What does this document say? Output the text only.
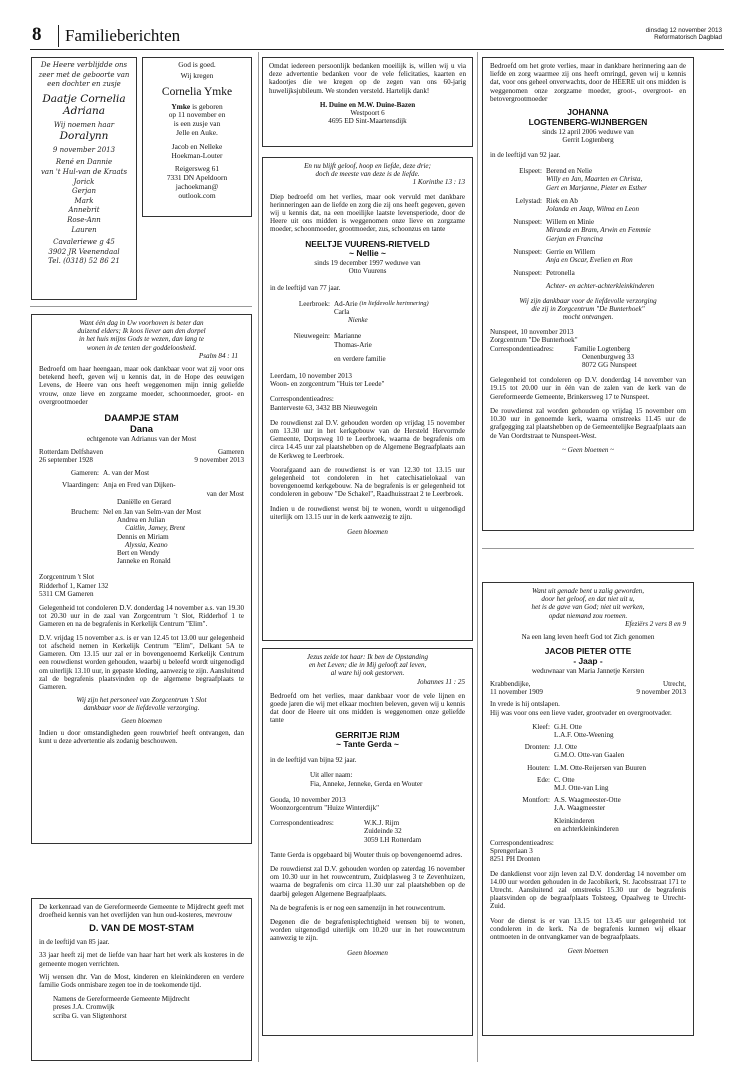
8	Familieberichten	dinsdag 12 november 2013
Reformatorisch Dagblad
De Heere verblijdde ons
zeer met de geboorte van
een dochter en zusje
Daatje Cornelia
Adriana
Wij noemen haar
Doralynn
9 november 2013
René en Dannie
van 't Hul-van de Kraats
Jorick
Gerjan
Mark
Annebrit
Rose-Ann
Lauren
Cavaleriewe g 45
3902 JR Veenendaal
Tel. (0318) 52 86 21
God is goed.
Wij kregen
Cornelia Ymke
Ymke is geboren
op 11 november en
is een zusje van
Jelle en Auke.
Jacob en Nelleke
Hoekman-Louter
Reigersweg 61
7331 DN Apeldoorn
jachoekman@
outlook.com
Omdat iedereen persoonlijk bedanken moeilijk is, willen wij u via deze advertentie bedanken voor de vele felicitaties, kaarten en kadootjes die we kregen op de zegen van ons 60-jarig huwelijksjubileum. We stonden versteld. Hartelijk dank!
H. Duine en M.W. Duine-Bazen
Westpoort 6
4695 ED Sint-Maartensdijk
Want één dag in Uw voorhoven is beter dan
duizend elders; Ik koos liever aan den dorpel
in het huis mijns Gods te wezen, dan lang te
wonen in de tenten der goddeloosheid.
Psalm 84 : 11
Bedroefd om haar heengaan, maar ook dankbaar voor wat zij voor ons betekend heeft, geven wij u kennis dat, in de Hope des eeuwigen Levens, de Heere van ons heeft weggenomen mijn innig geliefde vrouw, onze lieve en zorgzame moeder, schoonmoeder, groot- en overgrootmoeder
DAAMPJE STAM
Dana
echtgenote van Adrianus van der Most
Rotterdam Delfshaven	Gameren
26 september 1928	9 november 2013
Gameren: A. van der Most
Vlaardingen: Anja en Fred van Dijken-
van der Most
Daniëlle en Gerard
Bruchem: Nel en Jan van Selm-van der Most
Andrea en Julian
Caitlin, Jamey, Brent
Dennis en Miriam
Alyssia, Keano
Bert en Wendy
Janneke en Ronald
Zorgcentrum 't Slot
Ridderhof 1, Kamer 132
5311 CM Gameren
Gelegenheid tot condoleren D.V. donderdag 14 november a.s. van 19.30 tot 20.30 uur in de zaal van Zorgcentrum 't Slot, Ridderhof 1 te Gameren en na de begrafenis in Kerkelijk Centrum "Elim".
D.V. vrijdag 15 november a.s. is er van 12.45 tot 13.00 uur gelegenheid tot afscheid nemen in Kerkelijk Centrum "Elim", Delkant 5A te Gameren. Om 13.15 uur zal er in bovengenoemd Kerkelijk Centrum een rouwdienst worden gehouden, waarbij u beleefd wordt uitgenodigd om uiterlijk 13.10 uur, in gepaste kleding, aanwezig te zijn. Aansluitend zal de begrafenis plaatsvinden op de algemene begraafplaats te Gameren.
Wij zijn het personeel van Zorgcentrum 't Slot
dankbaar voor de liefdevolle verzorging.
Geen bloemen
Indien u door omstandigheden geen rouwbrief heeft ontvangen, dan kunt u deze advertentie als zodanig beschouwen.
De kerkenraad van de Gereformeerde Gemeente te Mijdrecht geeft met droefheid kennis van het overlijden van hun oud-kosteres, mevrouw
D. VAN DE MOST-STAM
in de leeftijd van 85 jaar.
33 jaar heeft zij met de liefde van haar hart het werk als kosteres in de gemeente mogen verrichten.
Wij wensen dhr. Van de Most, kinderen en kleinkinderen en verdere familie Gods onmisbare zegen toe in de toekomende tijd.
Namens de Gereformeerde Gemeente Mijdrecht
preses J.A. Cromwijk
scriba G. van Sligtenhorst
En nu blijft geloof, hoop en liefde, deze drie;
doch de meeste van deze is de liefde.
1 Korinthe 13 : 13
Diep bedroefd om het verlies, maar ook vervuld met dankbare herinneringen aan de liefde en zorg die zij ons heeft gegeven, geven wij u kennis dat, na een moeilijke laatste levensperiode, door de Heere uit ons midden is weggenomen onze lieve en zorgzame moeder, schoonmoeder, grootmoeder, zus, schoonzus en tante
NEELTJE VUURENS-RIETVELD
~ Nellie ~
sinds 19 december 1997 weduwe van
Otto Vuurens
in de leeftijd van 77 jaar.
Leerbroek: Ad-Arie
(in liefdevolle herinnering)
Carla
Nienke
Nieuwegein: Marianne
Thomas-Arie
en verdere familie
Leerdam, 10 november 2013
Woon- en zorgcentrum "Huis ter Leede"
Correspondentieadres:
Banterveste 63, 3432 BB Nieuwegein
De rouwdienst zal D.V. gehouden worden op vrijdag 15 november om 13.30 uur in het kerkgebouw van de Hersteld Hervormde Gemeente, Dorpsweg 10 te Leerbroek, waarna de begrafenis om circa 14.45 uur zal plaatshebben op de Algemene Begraafplaats aan de Kerkweg te Leerbroek.
Voorafgaand aan de rouwdienst is er van 12.30 tot 13.15 uur gelegenheid tot condoleren in het catechisatielokaal van bovengenoemd kerkgebouw. Na de begrafenis is er gelegenheid tot condoleren in gebouw "De Schakel", Raadhuisstraat 2 te Leerbroek.
Indien u de rouwdienst wenst bij te wonen, wordt u uitgenodigd uiterlijk om 13.15 uur in de kerk aanwezig te zijn.
Geen bloemen
Jezus zeide tot haar: Ik ben de Opstanding
en het Leven; die in Mij gelooft zal leven,
al ware hij ook gestorven.
Johannes 11 : 25
Bedroefd om het verlies, maar dankbaar voor de vele lijnen en goede jaren die wij met elkaar mochten beleven, geven wij u kennis dat door de Heere uit ons midden is weggenomen onze geliefde tante
GERRITJE RIJM
~ Tante Gerda ~
in de leeftijd van bijna 92 jaar.
Uit aller naam:
Fia, Anneke, Jenneke, Gerda en Wouter
Gouda, 10 november 2013
Woonzorgcentrum "Huize Winterdijk"
Correspondentieadres:	W.K.J. Rijm
Zuideinde 32
3059 LH Rotterdam
Tante Gerda is opgebaard bij Wouter thuis op bovengenoemd adres.
De rouwdienst zal D.V. gehouden worden op zaterdag 16 november om 10.30 uur in het rouwcentrum, Zuidplasweg 3 te Zevenhuizen, waarna de begrafenis om circa 11.30 uur zal plaatshebben op de daarbij gelegen Algemene Begraafplaats.
Na de begrafenis is er nog een samenzijn in het rouwcentrum.
Degenen die de begrafenisplechtigheid wensen bij te wonen, worden uitgenodigd uiterlijk om 10.20 uur in het rouwcentrum aanwezig te zijn.
Geen bloemen
Bedroefd om het grote verlies, maar in dankbare herinnering aan de liefde en zorg waarmee zij ons heeft omringd, geven wij u kennis dat, voor ons geheel onverwachts, door de HEERE uit ons midden is weggenomen onze zorgzame moeder, groot-, overgroot- en betovergrootmoeder
JOHANNA
LOGTENBERG-WIJNBERGEN
sinds 12 april 2006 weduwe van
Gerrit Logtenberg
in de leeftijd van 92 jaar.
Elspeet: Berend en Nelie
Willy en Jan, Maarten en Christa,
Gert en Marjanne, Pieter en Esther
Lelystad: Riek en Ab
Jolanda en Jaap, Wilma en Leon
Nunspeet: Willem en Minie
Miranda en Bram, Arwin en Femmie
Gerjan en Francina
Nunspeet: Gerrie en Willem
Anja en Oscar, Evelien en Ron
Nunspeet: Petronella
Achter- en achter-achterkleinkinderen
Wij zijn dankbaar voor de liefdevolle verzorging
die zij in Zorgcentrum "De Bunterhoek"
mocht ontvangen.
Nunspeet, 10 november 2013
Zorgcentrum "De Bunterhoek"
Correspondentieadres:	Familie Logtenberg
Oenenburgweg 33
8072 GG Nunspeet
Gelegenheid tot condoleren op D.V. donderdag 14 november van 19.15 tot 20.00 uur in één van de zalen van de kerk van de Gereformeerde Gemeente, Brinkersweg 17 te Nunspeet.
De rouwdienst zal worden gehouden op vrijdag 15 november om 10.30 uur in genoemde kerk, waarna omstreeks 11.45 uur de grafgegging zal plaatshebben op de Gemeentelijke Begraafplaats aan de Van Oordtstraat te Nunspeet-West.
~ Geen bloemen ~
Want uit genade bent u zalig geworden,
door het geloof, en dat niet uit u,
het is de gave van God; niet uit werken,
opdat niemand zou roemen.
Efeziërs 2 vers 8 en 9
Na een lang leven heeft God tot Zich genomen
JACOB PIETER OTTE
- Jaap -
weduwnaar van Maria Jannetje Kersten
Krabbendijke,	Utrecht,
11 november 1909	9 november 2013
In vrede is hij ontslapen.
Hij was voor ons een lieve vader, grootvader en overgrootvader.
Kleef: G.H. Otte
L.A.F. Otte-Weening
Dronten: J.J. Otte
G.M.O. Otte-van Gaalen
Houten: L.M. Otte-Reijersen van Buuren
Ede: C. Otte
M.J. Otte-van Ling
Montfort: A.S. Waagmeester-Otte
J.A. Waagmeester
Kleinkinderen
en achterkleinkinderen
Correspondentieadres:
Sprengerlaan 3
8251 PH Dronten
De dankdienst voor zijn leven zal D.V. donderdag 14 november om 14.00 uur worden gehouden in de Jacobikerk, St. Jacobsstraat 171 te Utrecht. Aansluitend zal omstreeks 15.30 uur de begrafenis plaatsvinden op de begraafplaats Tolsteeg, Opaalweg te Utrecht-Zuid.
Voor de dienst is er van 13.15 tot 13.45 uur gelegenheid tot condoleren in de kerk. Na de begrafenis kunnen wij elkaar ontmoeten in de ontvangkamer van de begraafplaats.
Geen bloemen
